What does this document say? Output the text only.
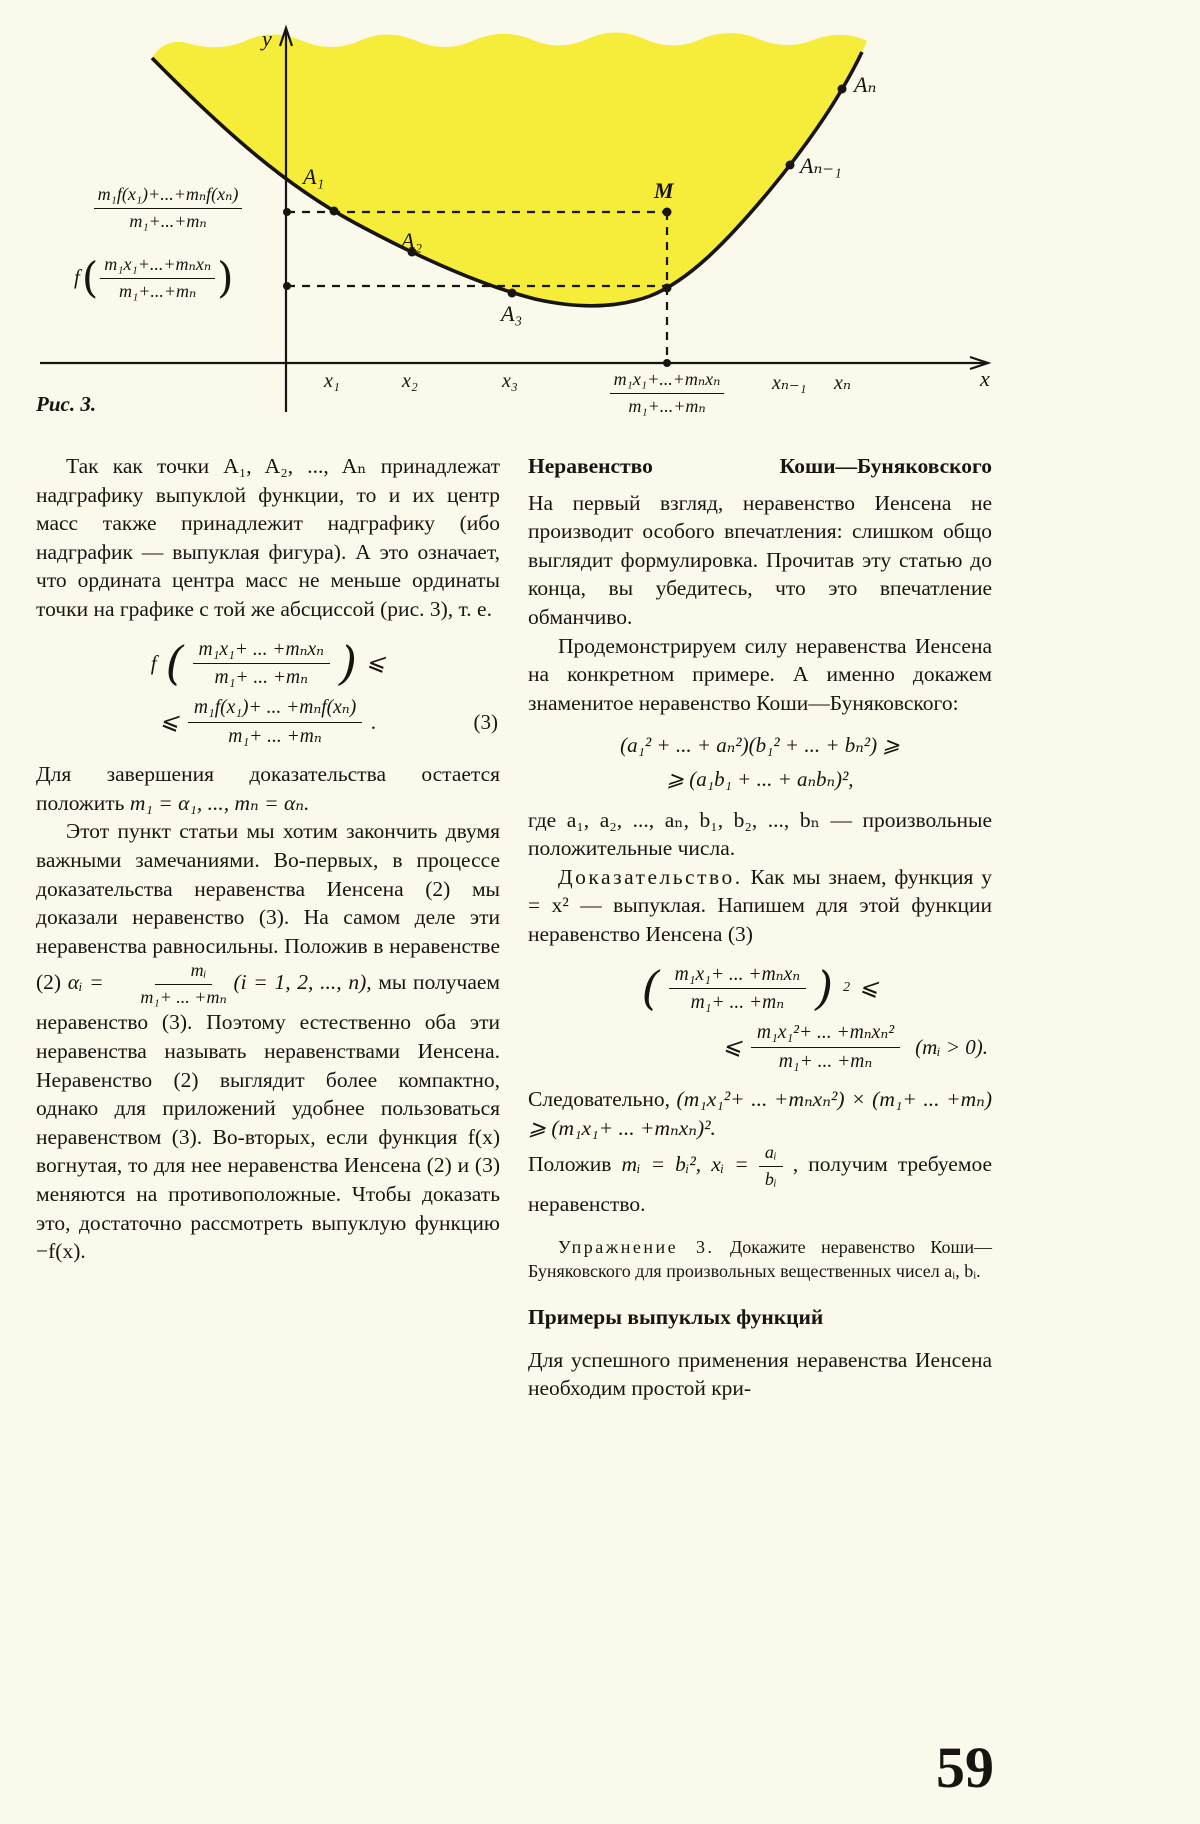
y
x
m₁f(x₁)+...+mₙf(xₙ)
m₁+...+mₙ
f ( $\frac{\text{m₁x₁+...+mₙxₙ}}{\text{m₁+...+mₙ}}$ )
A₁
A₂
A₃
M
Aₙ₋₁
Aₙ
x₁	x₂	x₃	m₁x₁+...+mₙxₙ
m₁+...+mₙ
xₙ₋₁ xₙ
Рис. 3.

Так как точки A₁, A₂, ..., Aₙ принадлежат надграфику выпуклой функции, то и их центр масс также принадлежит надграфику (ибо надграфик — выпуклая фигура). А это означает, что ордината центра масс не меньше ординаты точки на графике с той же абсциссой (рис. 3), т. е.

f ( $\frac{\text{m₁x₁+ ... +mₙxₙ}}{\text{m₁+ ... +mₙ}}$ ) ⩽
⩽ $\frac{\text{m₁f(x₁)+ ... +mₙf(xₙ)}}{\text{m₁+ ... +mₙ}}$ .	(3)

Для завершения доказательства остается положить m₁ = α₁, ..., mₙ = αₙ.

Этот пункт статьи мы хотим закончить двумя важными замечаниями. Во-первых, в процессе доказательства неравенства Иенсена (2) мы доказали неравенство (3). На самом деле эти неравенства равносильны. Положив в неравенстве (2) αᵢ = $\frac{\text{mᵢ}}{\text{m₁+ ... +mₙ}} (i = 1$, 2, ..., n), мы получаем неравенство (3). Поэтому естественно оба эти неравенства называть неравенствами Иенсена. Неравенство (2) выглядит более компактно, однако для приложений удобнее пользоваться неравенством (3). Во-вторых, если функция f(x) вогнутая, то для нее неравенства Иенсена (2) и (3) меняются на противоположные. Чтобы доказать это, достаточно рассмотреть выпуклую функцию −f(x).

Неравенство Коши—Буняковского

На первый взгляд, неравенство Иенсена не производит особого впечатления: слишком общо выглядит формулировка. Прочитав эту статью до конца, вы убедитесь, что это впечатление обманчиво.

Продемонстрируем силу неравенства Иенсена на конкретном примере. А именно докажем знаменитое неравенство Коши—Буняковского:

(a₁² + ... + aₙ²)(b₁² + ... + bₙ²) ⩾
⩾ (a₁b₁ + ... + aₙbₙ)²,

где a₁, a₂, ..., aₙ, b₁, b₂, ..., bₙ — произвольные положительные числа.

Доказательство. Как мы знаем, функция y = x² — выпуклая. Напишем для этой функции неравенство Иенсена (3)

( $\frac{\text{m₁x₁+ ... +mₙxₙ}}{\text{m₁+ ... +mₙ}}$ ) 2 ⩽
⩽ $\frac{\text{m₁x₁²+ ... +mₙxₙ²}}{\text{m₁+ ... +mₙ}}$ (mᵢ > 0).

Следовательно, (m₁x₁²+ ... +mₙxₙ²) × (m₁+ ... +mₙ) ⩾ (m₁x₁+ ... +mₙxₙ)².

Положив mᵢ = bᵢ², xᵢ = $\frac{\text{aᵢ}}{\text{bᵢ}}$ , получим требуемое неравенство.

Упражнение 3. Докажите неравенство Коши—Буняковского для произвольных вещественных чисел aᵢ, bᵢ.

Примеры выпуклых функций

Для успешного применения неравенства Иенсена необходим простой кри-

59
